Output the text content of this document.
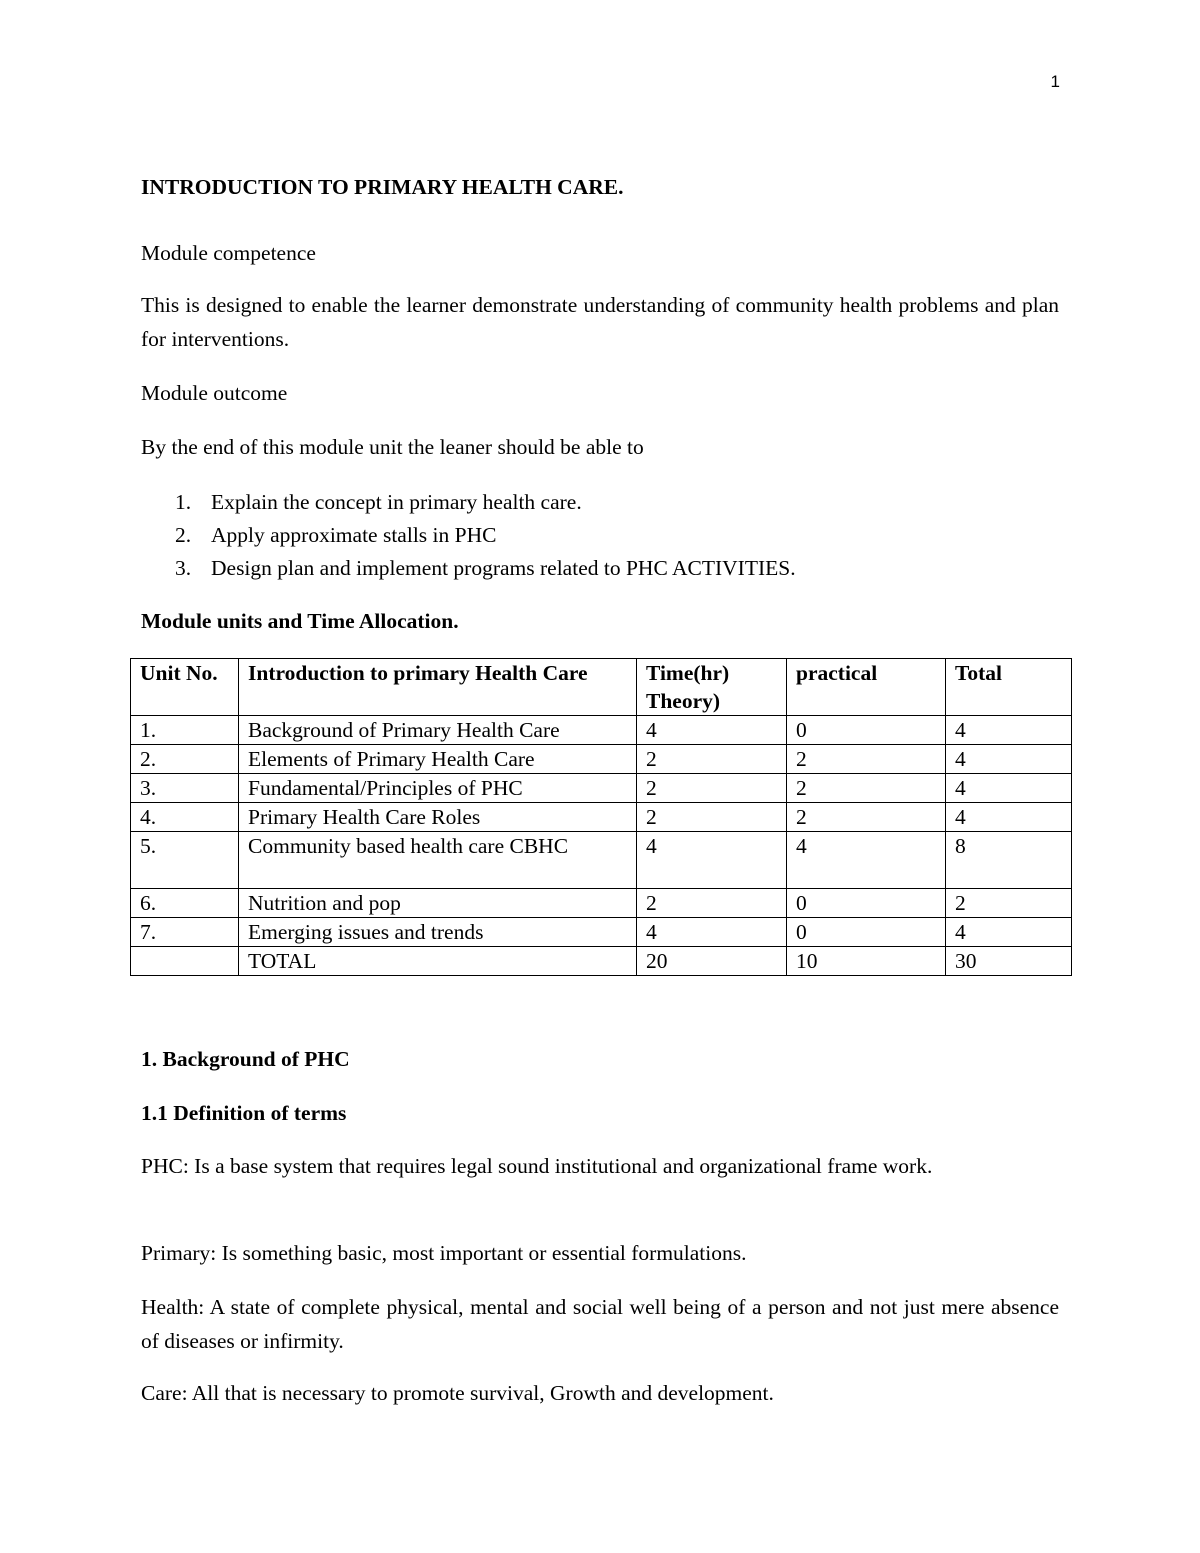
1
INTRODUCTION TO PRIMARY HEALTH CARE.
Module competence
This is designed to enable the learner demonstrate understanding of community health problems and plan for interventions.
Module outcome
By the end of this module unit the leaner should be able to
1. Explain the concept in primary health care.
2. Apply approximate stalls in PHC
3. Design plan and implement programs related to PHC ACTIVITIES.
Module units and Time Allocation.
Unit No.	Introduction to primary Health Care	Time(hr) Theory)	practical	Total
1.	Background of Primary Health Care	4	0	4
2.	Elements of Primary Health Care	2	2	4
3.	Fundamental/Principles of PHC	2	2	4
4.	Primary Health Care Roles	2	2	4
5.	Community based health care CBHC	4	4	8
6.	Nutrition and pop	2	0	2
7.	Emerging issues and trends	4	0	4
	TOTAL	20	10	30
1. Background of PHC
1.1 Definition of terms
PHC: Is a base system that requires legal sound institutional and organizational frame work.
Primary: Is something basic, most important or essential formulations.
Health: A state of complete physical, mental and social well being of a person and not just mere absence of diseases or infirmity.
Care: All that is necessary to promote survival, Growth and development.
